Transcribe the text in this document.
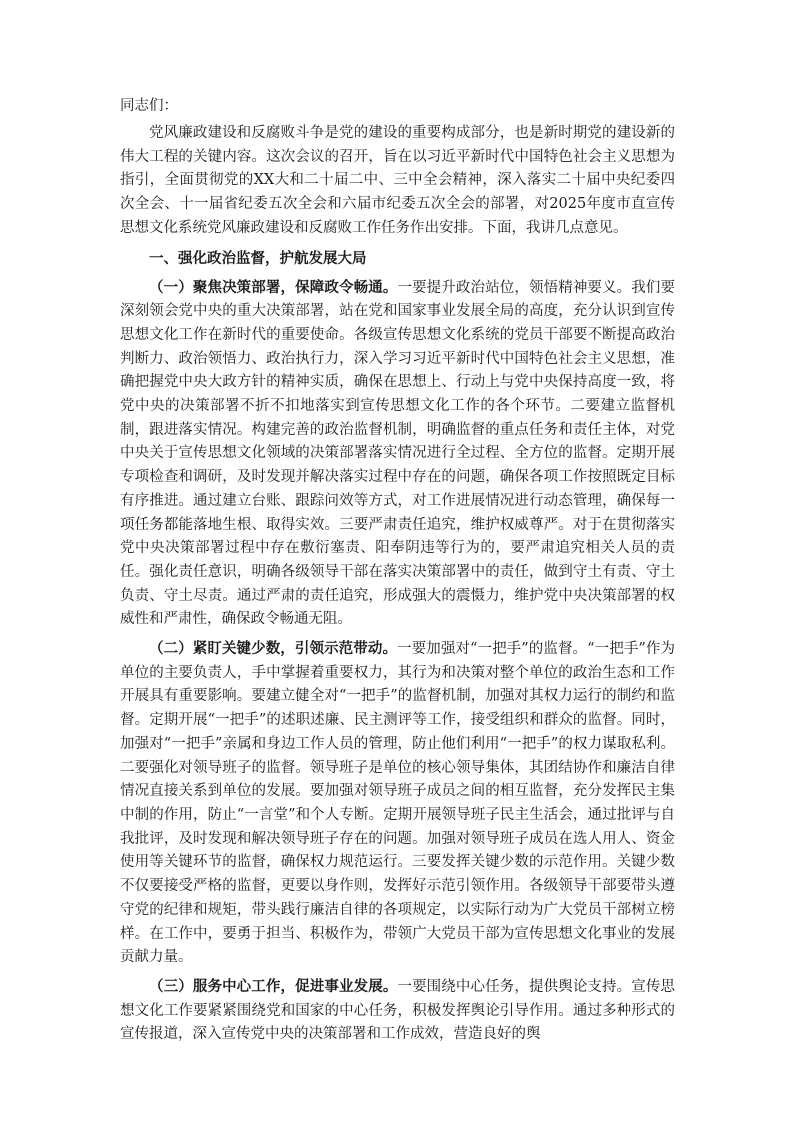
同志们：

党风廉政建设和反腐败斗争是党的建设的重要构成部分，也是新时期党的建设新的伟大工程的关键内容。这次会议的召开，旨在以习近平新时代中国特色社会主义思想为指引，全面贯彻党的XX大和二十届二中、三中全会精神，深入落实二十届中央纪委四次全会、十一届省纪委五次全会和六届市纪委五次全会的部署，对2025年度市直宣传思想文化系统党风廉政建设和反腐败工作任务作出安排。下面，我讲几点意见。

一、强化政治监督，护航发展大局

（一）聚焦决策部署，保障政令畅通。一要提升政治站位，领悟精神要义。我们要深刻领会党中央的重大决策部署，站在党和国家事业发展全局的高度，充分认识到宣传思想文化工作在新时代的重要使命。各级宣传思想文化系统的党员干部要不断提高政治判断力、政治领悟力、政治执行力，深入学习习近平新时代中国特色社会主义思想，准确把握党中央大政方针的精神实质，确保在思想上、行动上与党中央保持高度一致，将党中央的决策部署不折不扣地落实到宣传思想文化工作的各个环节。二要建立监督机制，跟进落实情况。构建完善的政治监督机制，明确监督的重点任务和责任主体，对党中央关于宣传思想文化领域的决策部署落实情况进行全过程、全方位的监督。定期开展专项检查和调研，及时发现并解决落实过程中存在的问题，确保各项工作按照既定目标有序推进。通过建立台账、跟踪问效等方式，对工作进展情况进行动态管理，确保每一项任务都能落地生根、取得实效。三要严肃责任追究，维护权威尊严。对于在贯彻落实党中央决策部署过程中存在敷衍塞责、阳奉阴违等行为的，要严肃追究相关人员的责任。强化责任意识，明确各级领导干部在落实决策部署中的责任，做到守土有责、守土负责、守土尽责。通过严肃的责任追究，形成强大的震慑力，维护党中央决策部署的权威性和严肃性，确保政令畅通无阻。

（二）紧盯关键少数，引领示范带动。一要加强对“一把手”的监督。“一把手”作为单位的主要负责人，手中掌握着重要权力，其行为和决策对整个单位的政治生态和工作开展具有重要影响。要建立健全对“一把手”的监督机制，加强对其权力运行的制约和监督。定期开展“一把手”的述职述廉、民主测评等工作，接受组织和群众的监督。同时，加强对“一把手”亲属和身边工作人员的管理，防止他们利用“一把手”的权力谋取私利。二要强化对领导班子的监督。领导班子是单位的核心领导集体，其团结协作和廉洁自律情况直接关系到单位的发展。要加强对领导班子成员之间的相互监督，充分发挥民主集中制的作用，防止“一言堂”和个人专断。定期开展领导班子民主生活会，通过批评与自我批评，及时发现和解决领导班子存在的问题。加强对领导班子成员在选人用人、资金使用等关键环节的监督，确保权力规范运行。三要发挥关键少数的示范作用。关键少数不仅要接受严格的监督，更要以身作则，发挥好示范引领作用。各级领导干部要带头遵守党的纪律和规矩，带头践行廉洁自律的各项规定，以实际行动为广大党员干部树立榜样。在工作中，要勇于担当、积极作为，带领广大党员干部为宣传思想文化事业的发展贡献力量。

（三）服务中心工作，促进事业发展。一要围绕中心任务，提供舆论支持。宣传思想文化工作要紧紧围绕党和国家的中心任务，积极发挥舆论引导作用。通过多种形式的宣传报道，深入宣传党中央的决策部署和工作成效，营造良好的舆
